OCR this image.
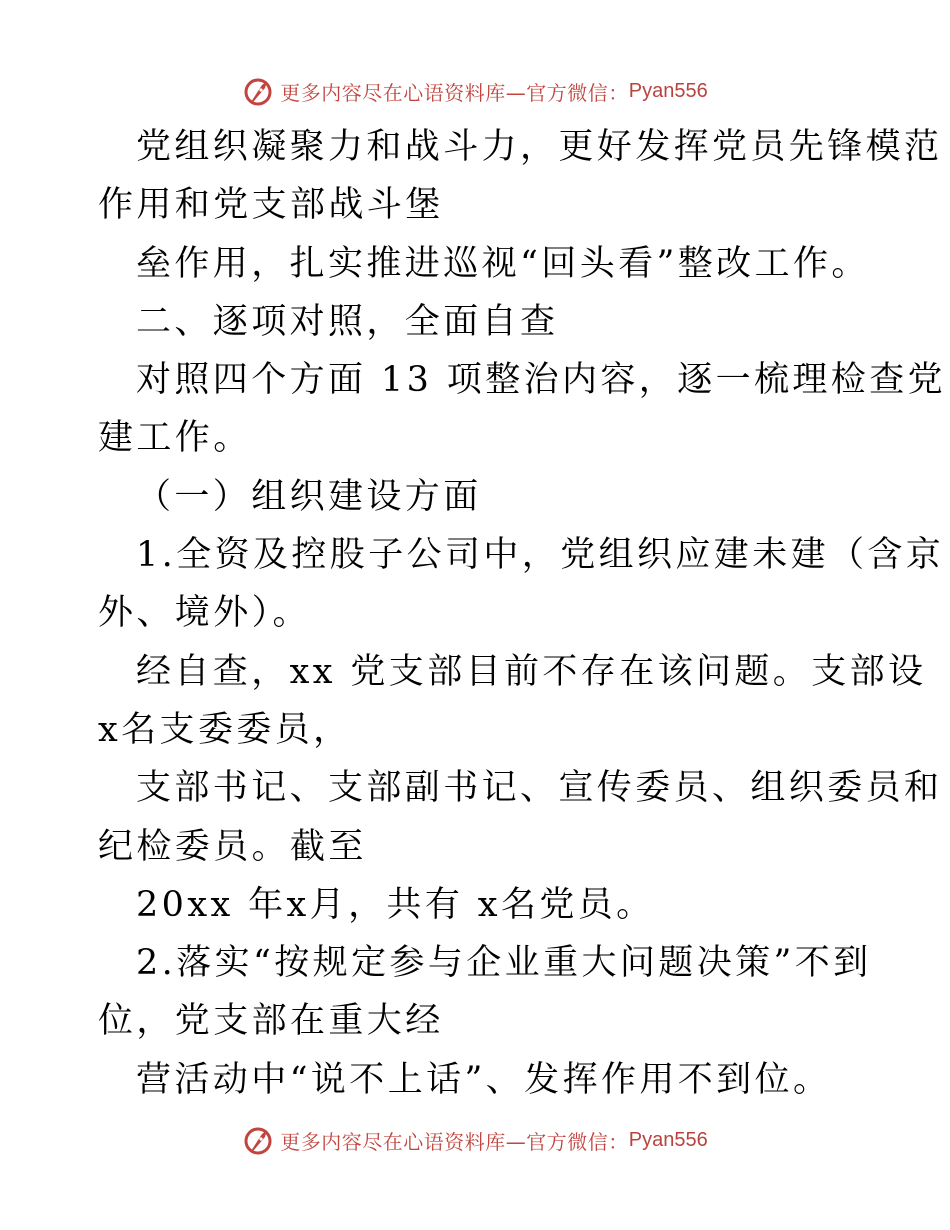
更多内容尽在心语资料库—官方微信： Pyan556
党组织凝聚力和战斗力，更好发挥党员先锋模范
作用和党支部战斗堡
垒作用，扎实推进巡视“回头看”整改工作。
二、逐项对照，全面自查
对照四个方面 13 项整治内容，逐一梳理检查党
建工作。
（一）组织建设方面
1.全资及控股子公司中，党组织应建未建（含京
外、境外）。
经自查，xx 党支部目前不存在该问题。支部设
x名支委委员，
支部书记、支部副书记、宣传委员、组织委员和
纪检委员。截至
20xx 年x月，共有 x名党员。
2.落实“按规定参与企业重大问题决策”不到
位，党支部在重大经
营活动中“说不上话”、发挥作用不到位。
更多内容尽在心语资料库—官方微信： Pyan556
